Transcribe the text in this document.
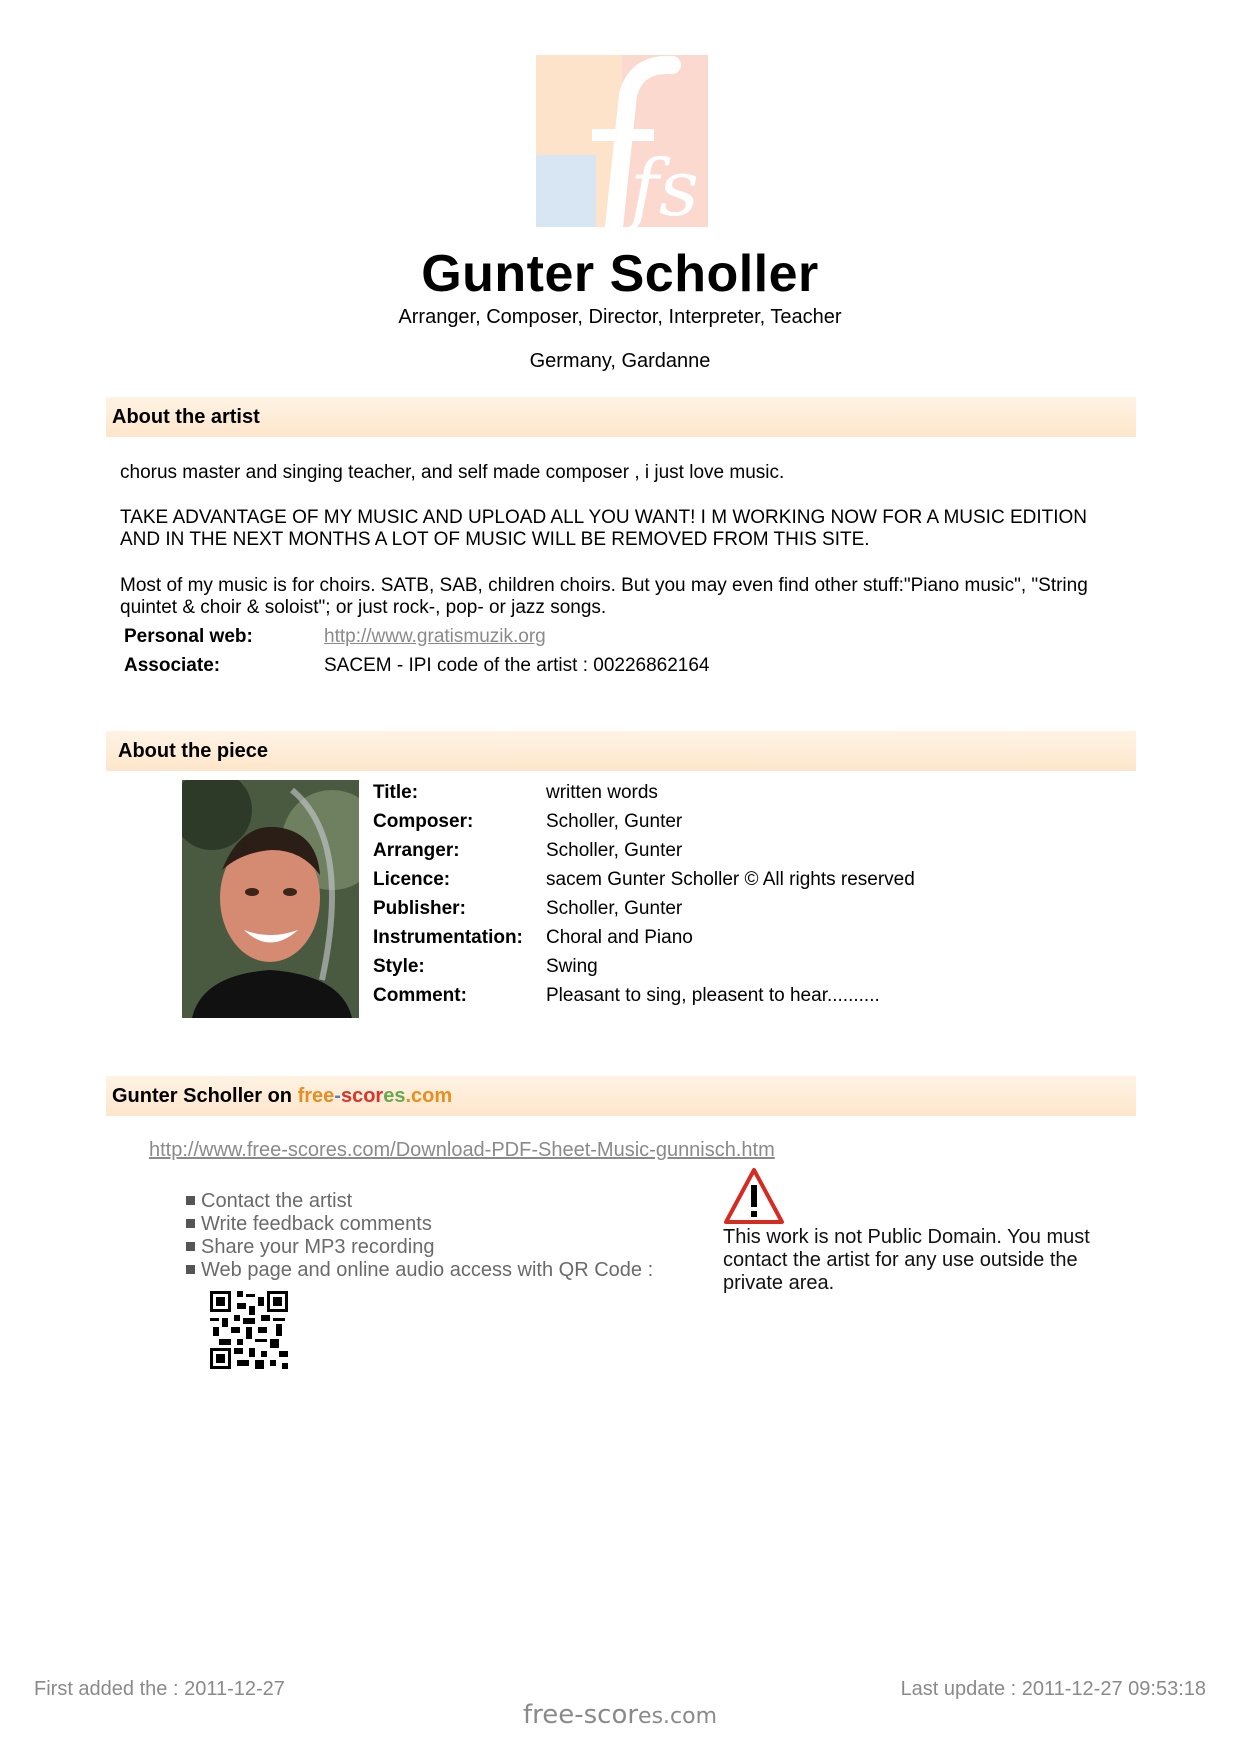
fs
Gunter Scholler
Arranger, Composer, Director, Interpreter, Teacher
Germany, Gardanne
About the artist
chorus master and singing teacher, and self made composer , i just love music.
TAKE ADVANTAGE OF MY MUSIC AND UPLOAD ALL YOU WANT! I M WORKING NOW FOR A MUSIC EDITION AND IN THE NEXT MONTHS A LOT OF MUSIC WILL BE REMOVED FROM THIS SITE.
Most of my music is for choirs. SATB, SAB, children choirs. But you may even find other stuff:"Piano music", "String quintet & choir & soloist"; or just rock-, pop- or jazz songs.
Personal web:	http://www.gratismuzik.org
Associate:	SACEM - IPI code of the artist : 00226862164
About the piece
Title:	written words
Composer:	Scholler, Gunter
Arranger:	Scholler, Gunter
Licence:	sacem Gunter Scholler © All rights reserved
Publisher:	Scholler, Gunter
Instrumentation: Choral and Piano
Style:	Swing
Comment:	Pleasant to sing, pleasent to hear..........
Gunter Scholler on free-scores.com
http://www.free-scores.com/Download-PDF-Sheet-Music-gunnisch.htm
Contact the artist
Write feedback comments
Share your MP3 recording
Web page and online audio access with QR Code :
This work is not Public Domain. You must contact the artist for any use outside the private area.
First added the : 2011-12-27
free-scores.com
Last update : 2011-12-27 09:53:18
